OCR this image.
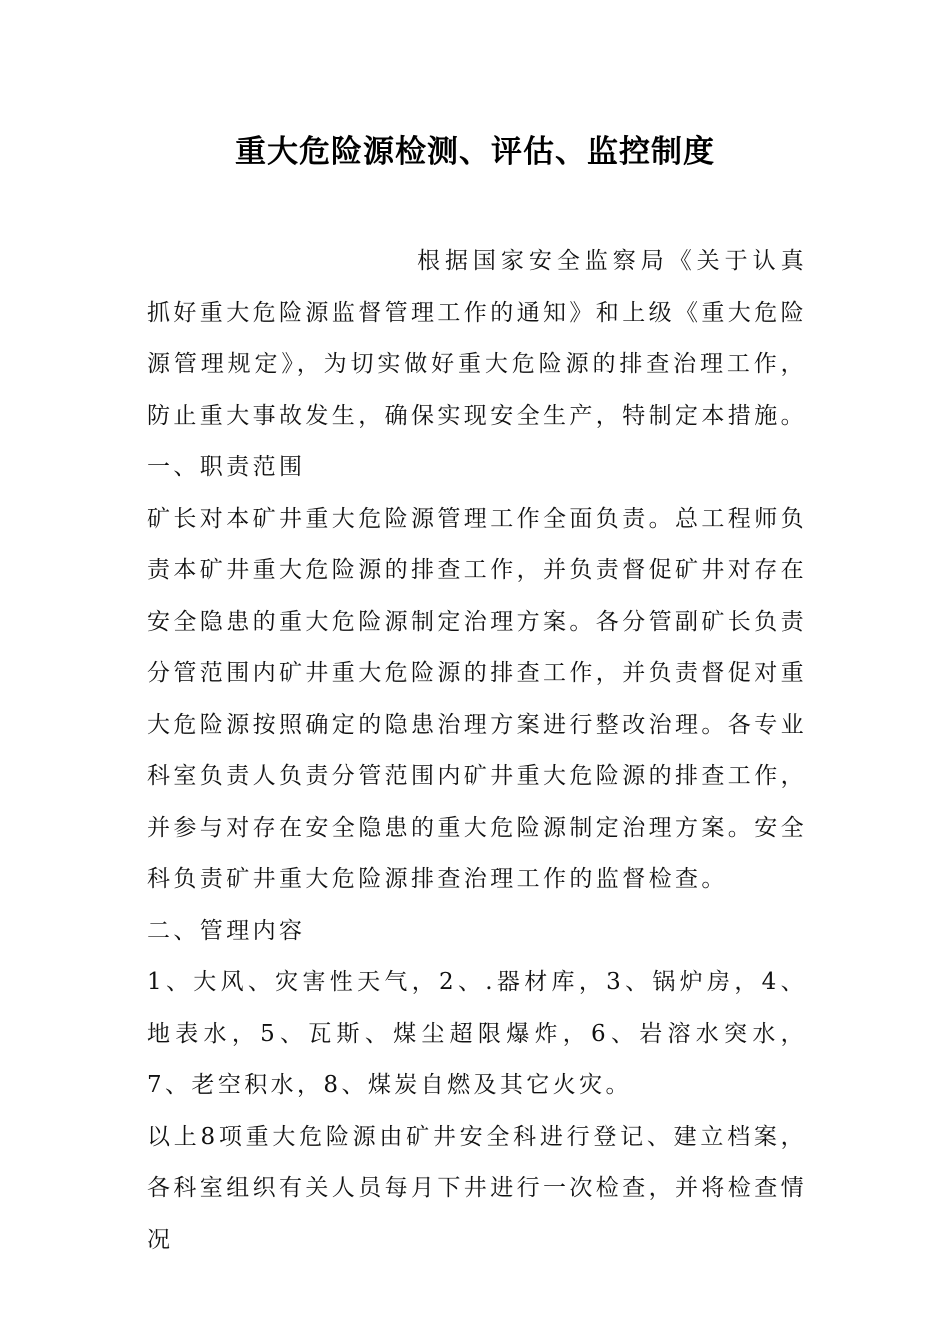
重大危险源检测、评估、监控制度

根据国家安全监察局《关于认真抓好重大危险源监督管理工作的通知》和上级《重大危险源管理规定》，为切实做好重大危险源的排查治理工作，防止重大事故发生，确保实现安全生产，特制定本措施。

一、职责范围

矿长对本矿井重大危险源管理工作全面负责。总工程师负责本矿井重大危险源的排查工作，并负责督促矿井对存在安全隐患的重大危险源制定治理方案。各分管副矿长负责分管范围内矿井重大危险源的排查工作，并负责督促对重大危险源按照确定的隐患治理方案进行整改治理。各专业科室负责人负责分管范围内矿井重大危险源的排查工作，并参与对存在安全隐患的重大危险源制定治理方案。安全科负责矿井重大危险源排查治理工作的监督检查。

二、管理内容

1、大风、灾害性天气，2、.器材库，3、锅炉房，4、地表水，5、瓦斯、煤尘超限爆炸，6、岩溶水突水， 7、老空积水，8、煤炭自燃及其它火灾。

以上8项重大危险源由矿井安全科进行登记、建立档案，各科室组织有关人员每月下井进行一次检查，并将检查情况
